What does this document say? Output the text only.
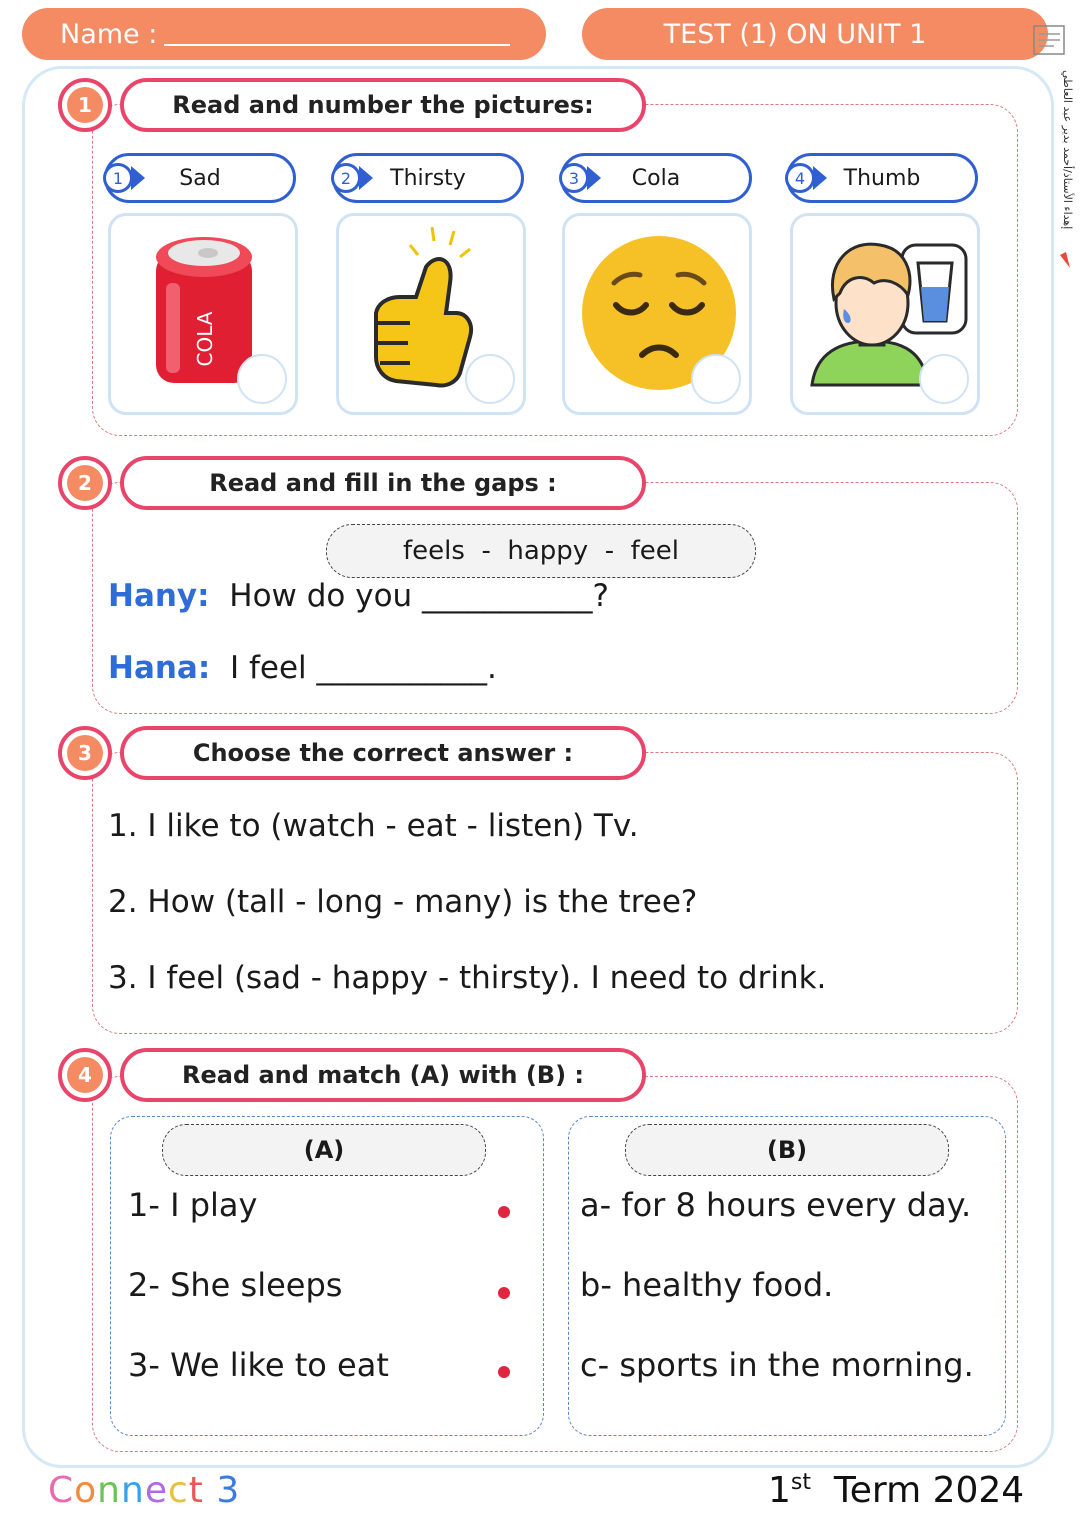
Name :	TEST (1) ON UNIT 1
إهداء الأستاذ/أحمد بدير عبد العاطي
Read and number the pictures:
1
1	Sad	2	Thirsty	3	Cola	4	Thumb
COLA
Read and fill in the gaps :
2
feels  -  happy  -  feel
Hany: How do you ___________?
Hana: I feel ___________.
Choose the correct answer :
3
1. I like to (watch - eat - listen) Tv.
2. How (tall - long - many) is the tree?
3. I feel (sad - happy - thirsty). I need to drink.
Read and match (A) with (B) :
4
(A)	(B)
1- I play
2- She sleeps
3- We like to eat
a- for 8 hours every day.
b- healthy food.
c- sports in the morning.
Connect 3	1st Term 2024
